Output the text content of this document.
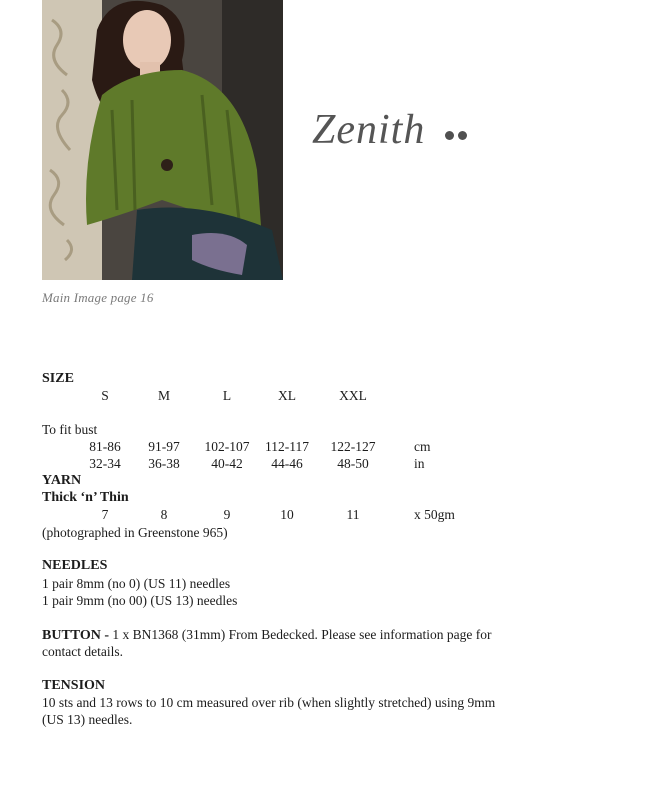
Main Image page 16
Zenith
SIZE
S	M	L	XL	XXL
To fit bust
81-86	91-97	102-107	112-117	122-127	cm
32-34	36-38	40-42	44-46	48-50	in
YARN
Thick ‘n’ Thin
7	8	9	10	11	x 50gm
(photographed in Greenstone 965)
NEEDLES
1 pair 8mm (no 0) (US 11) needles
1 pair 9mm (no 00) (US 13) needles
BUTTON - 1 x BN1368 (31mm) From Bedecked. Please see information page for
contact details.
TENSION
10 sts and 13 rows to 10 cm measured over rib (when slightly stretched) using 9mm
(US 13) needles.
